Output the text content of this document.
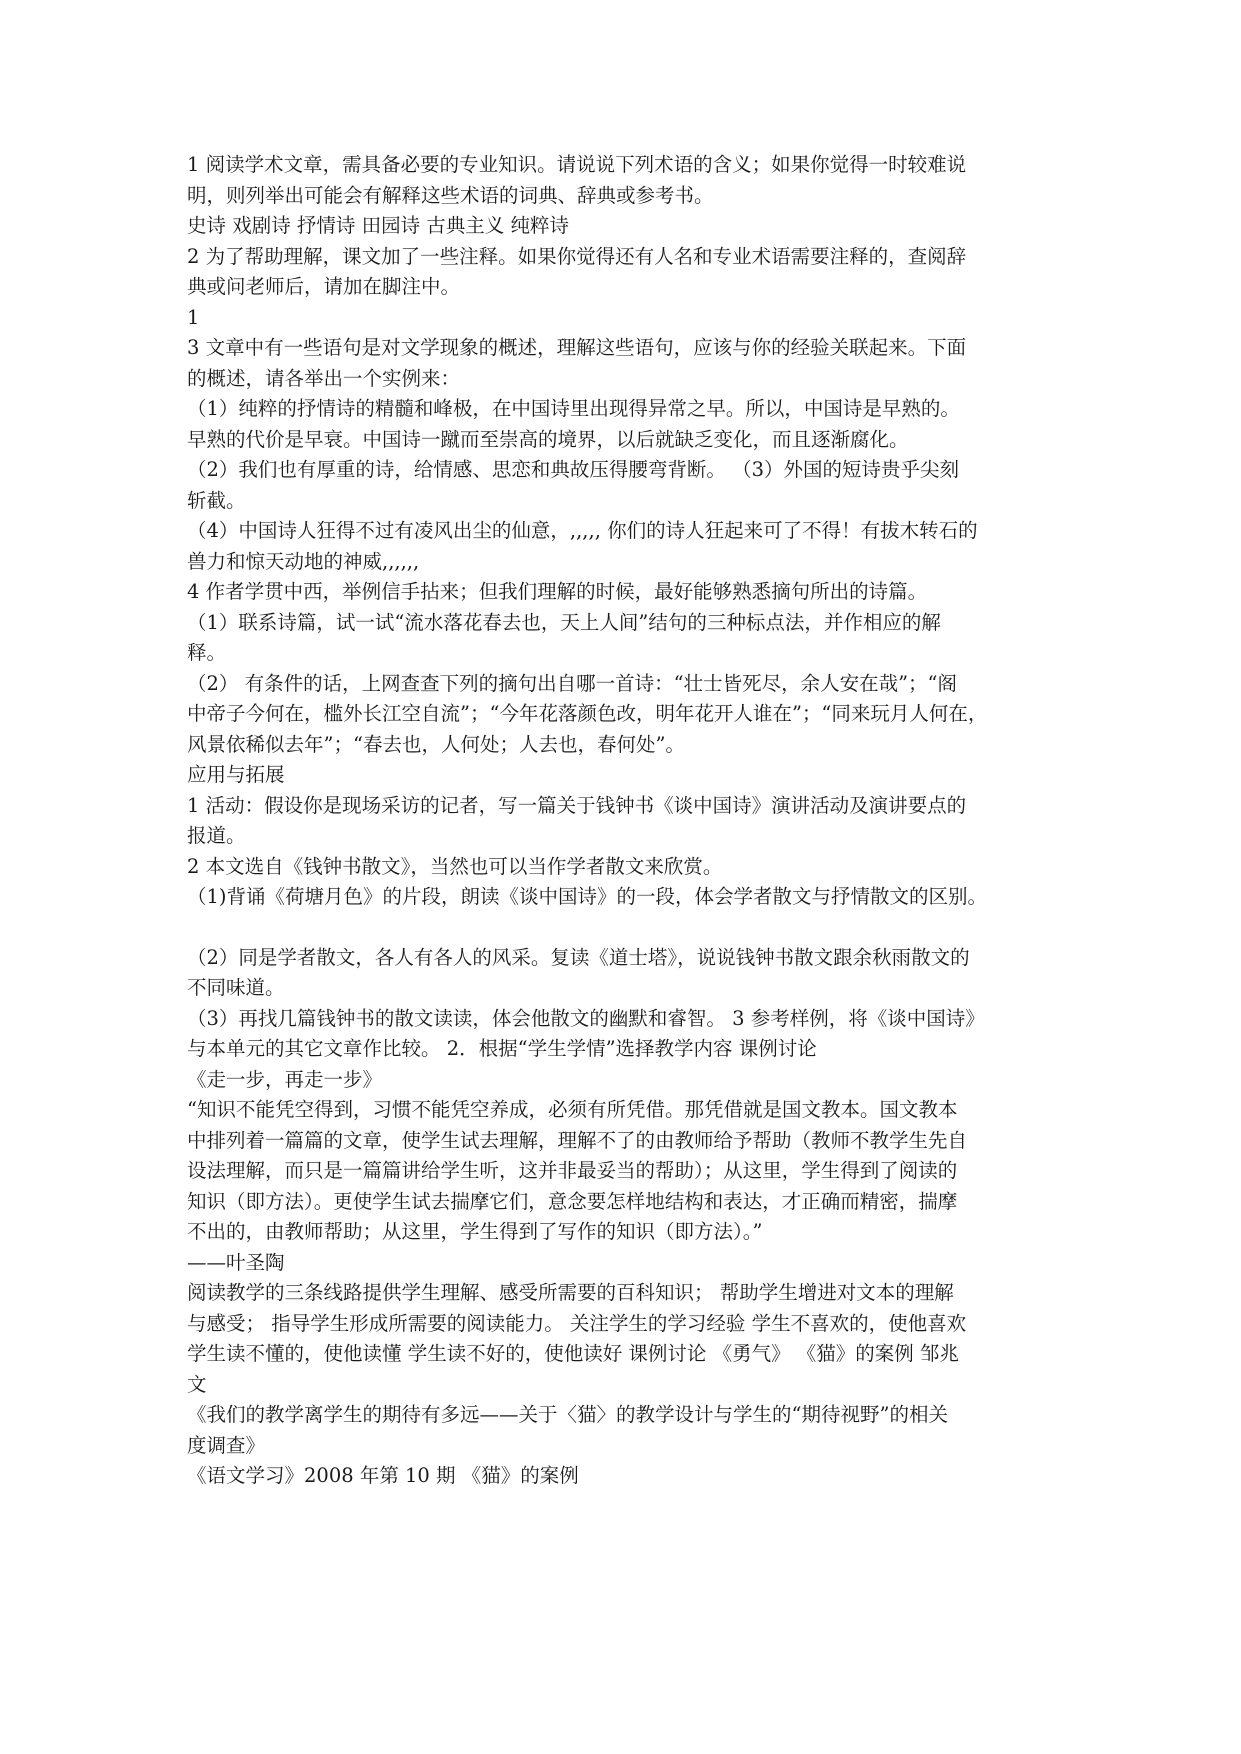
1 阅读学术文章，需具备必要的专业知识。请说说下列术语的含义；如果你觉得一时较难说
明，则列举出可能会有解释这些术语的词典、辞典或参考书。
史诗 戏剧诗 抒情诗 田园诗 古典主义 纯粹诗
2 为了帮助理解，课文加了一些注释。如果你觉得还有人名和专业术语需要注释的，查阅辞
典或问老师后，请加在脚注中。
1
3 文章中有一些语句是对文学现象的概述，理解这些语句，应该与你的经验关联起来。下面
的概述，请各举出一个实例来：
（1）纯粹的抒情诗的精髓和峰极，在中国诗里出现得异常之早。所以，中国诗是早熟的。
早熟的代价是早衰。中国诗一蹴而至崇高的境界，以后就缺乏变化，而且逐渐腐化。
（2）我们也有厚重的诗，给情感、思恋和典故压得腰弯背断。 （3）外国的短诗贵乎尖刻
斩截。
（4）中国诗人狂得不过有凌风出尘的仙意，,,,,, 你们的诗人狂起来可了不得！有拔木转石的
兽力和惊天动地的神威,,,,,,
4 作者学贯中西，举例信手拈来；但我们理解的时候，最好能够熟悉摘句所出的诗篇。
（1）联系诗篇，试一试“流水落花春去也，天上人间”结句的三种标点法，并作相应的解
释。
（2） 有条件的话，上网查查下列的摘句出自哪一首诗：“壮士皆死尽，余人安在哉”；“阁
中帝子今何在，槛外长江空自流”；“今年花落颜色改，明年花开人谁在”；“同来玩月人何在，
风景依稀似去年”；“春去也，人何处；人去也，春何处”。
应用与拓展
1 活动：假设你是现场采访的记者，写一篇关于钱钟书《谈中国诗》演讲活动及演讲要点的
报道。
2 本文选自《钱钟书散文》，当然也可以当作学者散文来欣赏。
（1)背诵《荷塘月色》的片段，朗读《谈中国诗》的一段，体会学者散文与抒情散文的区别。
（2）同是学者散文，各人有各人的风采。复读《道士塔》，说说钱钟书散文跟余秋雨散文的
不同味道。
（3）再找几篇钱钟书的散文读读，体会他散文的幽默和睿智。 3 参考样例，将《谈中国诗》
与本单元的其它文章作比较。 2．根据“学生学情”选择教学内容 课例讨论
《走一步，再走一步》
“知识不能凭空得到，习惯不能凭空养成，必须有所凭借。那凭借就是国文教本。国文教本
中排列着一篇篇的文章，使学生试去理解，理解不了的由教师给予帮助（教师不教学生先自
设法理解，而只是一篇篇讲给学生听，这并非最妥当的帮助）；从这里，学生得到了阅读的
知识（即方法）。更使学生试去揣摩它们，意念要怎样地结构和表达，才正确而精密，揣摩
不出的，由教师帮助；从这里，学生得到了写作的知识（即方法）。”
——叶圣陶
阅读教学的三条线路提供学生理解、感受所需要的百科知识； 帮助学生增进对文本的理解
与感受； 指导学生形成所需要的阅读能力。 关注学生的学习经验 学生不喜欢的，使他喜欢
学生读不懂的，使他读懂 学生读不好的，使他读好 课例讨论 《勇气》 《猫》的案例 邹兆
文
《我们的教学离学生的期待有多远——关于〈猫〉的教学设计与学生的“期待视野”的相关
度调查》
《语文学习》2008 年第 10 期 《猫》的案例
